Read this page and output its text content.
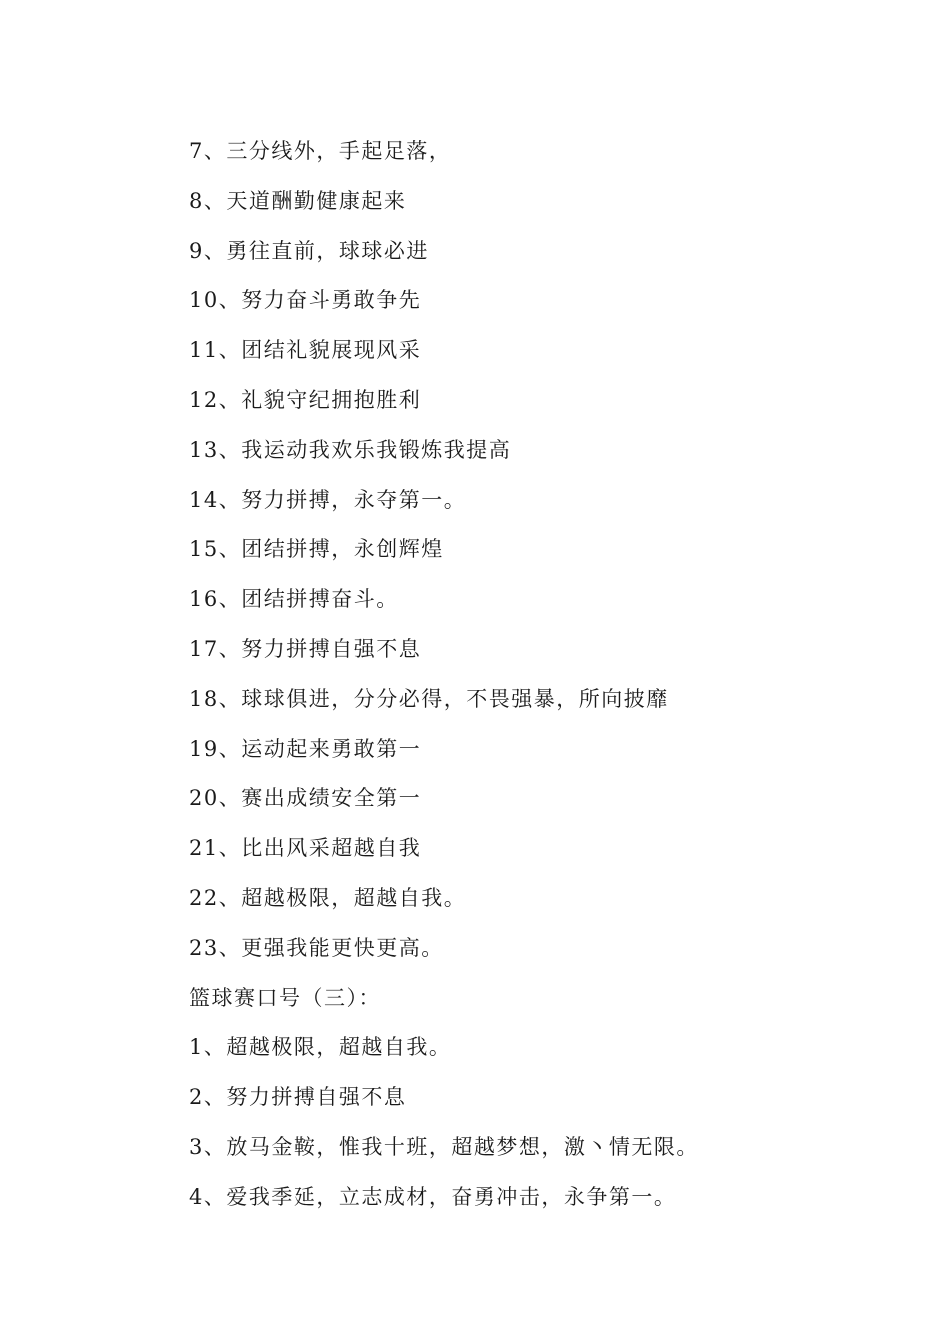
7、三分线外，手起足落，
8、天道酬勤健康起来
9、勇往直前，球球必进
10、努力奋斗勇敢争先
11、团结礼貌展现风采
12、礼貌守纪拥抱胜利
13、我运动我欢乐我锻炼我提高
14、努力拼搏，永夺第一。
15、团结拼搏，永创辉煌
16、团结拼搏奋斗。
17、努力拼搏自强不息
18、球球俱进，分分必得，不畏强暴，所向披靡
19、运动起来勇敢第一
20、赛出成绩安全第一
21、比出风采超越自我
22、超越极限，超越自我。
23、更强我能更快更高。
篮球赛口号（三）：
1、超越极限，超越自我。
2、努力拼搏自强不息
3、放马金鞍，惟我十班，超越梦想，激丶情无限。
4、爱我季延，立志成材，奋勇冲击，永争第一。
